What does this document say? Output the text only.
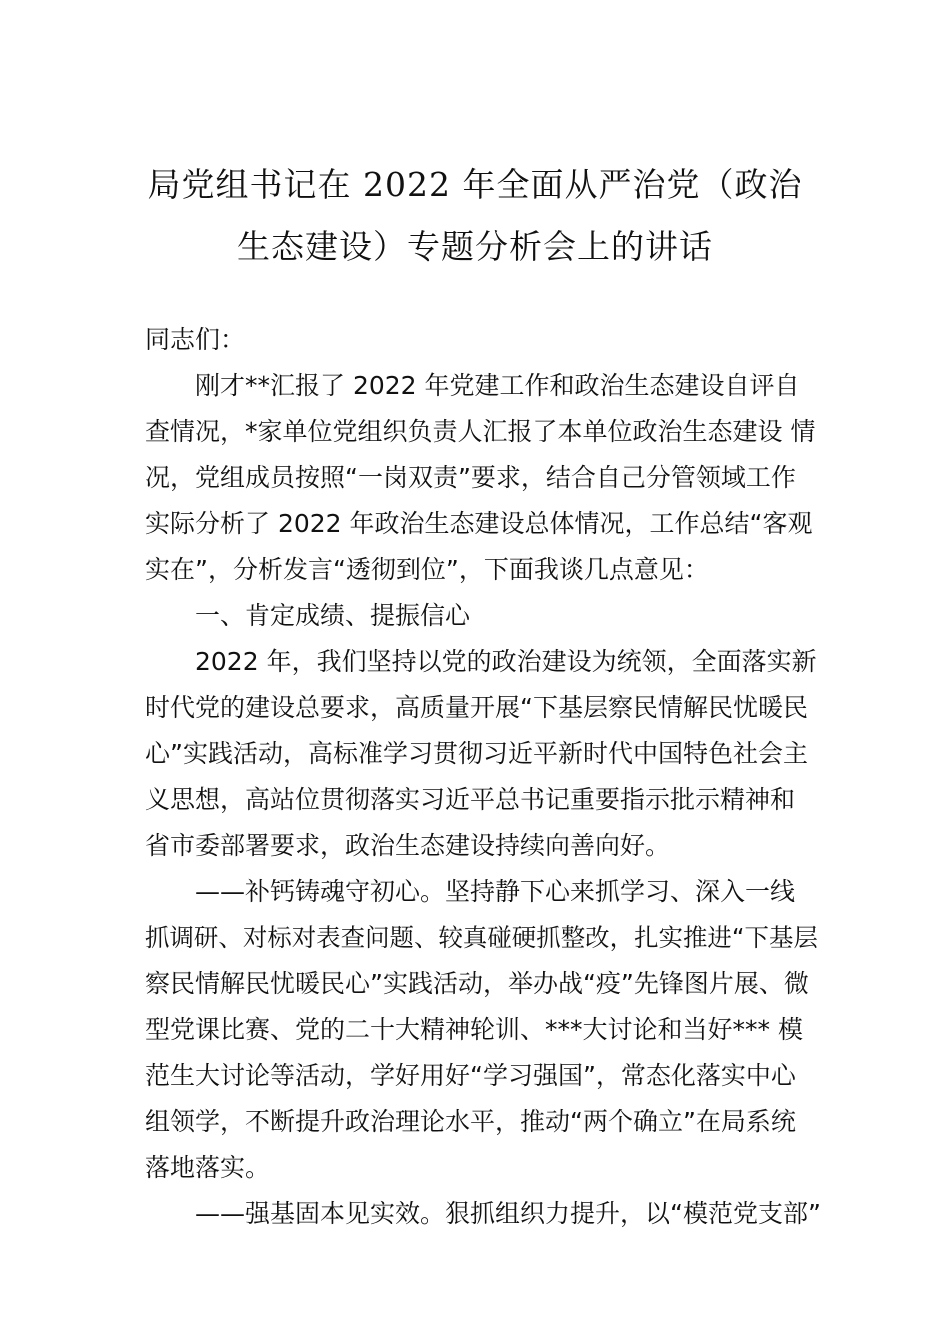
局党组书记在 2022 年全面从严治党（政治
生态建设）专题分析会上的讲话
同志们：
刚才**汇报了 2022 年党建工作和政治生态建设自评自
查情况，*家单位党组织负责人汇报了本单位政治生态建设 情
况，党组成员按照“一岗双责”要求，结合自己分管领域工作
实际分析了 2022 年政治生态建设总体情况，工作总结“客观
实在”，分析发言“透彻到位”，下面我谈几点意见：
一、肯定成绩、提振信心
2022 年，我们坚持以党的政治建设为统领，全面落实新
时代党的建设总要求，高质量开展“下基层察民情解民忧暖民
心”实践活动，高标准学习贯彻习近平新时代中国特色社会主
义思想，高站位贯彻落实习近平总书记重要指示批示精神和
省市委部署要求，政治生态建设持续向善向好。
——补钙铸魂守初心。坚持静下心来抓学习、深入一线
抓调研、对标对表查问题、较真碰硬抓整改，扎实推进“下基层
察民情解民忧暖民心”实践活动，举办战“疫”先锋图片展、微
型党课比赛、党的二十大精神轮训、***大讨论和当好*** 模
范生大讨论等活动，学好用好“学习强国”，常态化落实中心
组领学，不断提升政治理论水平，推动“两个确立”在局系统
落地落实。
——强基固本见实效。狠抓组织力提升，以“模范党支部”
